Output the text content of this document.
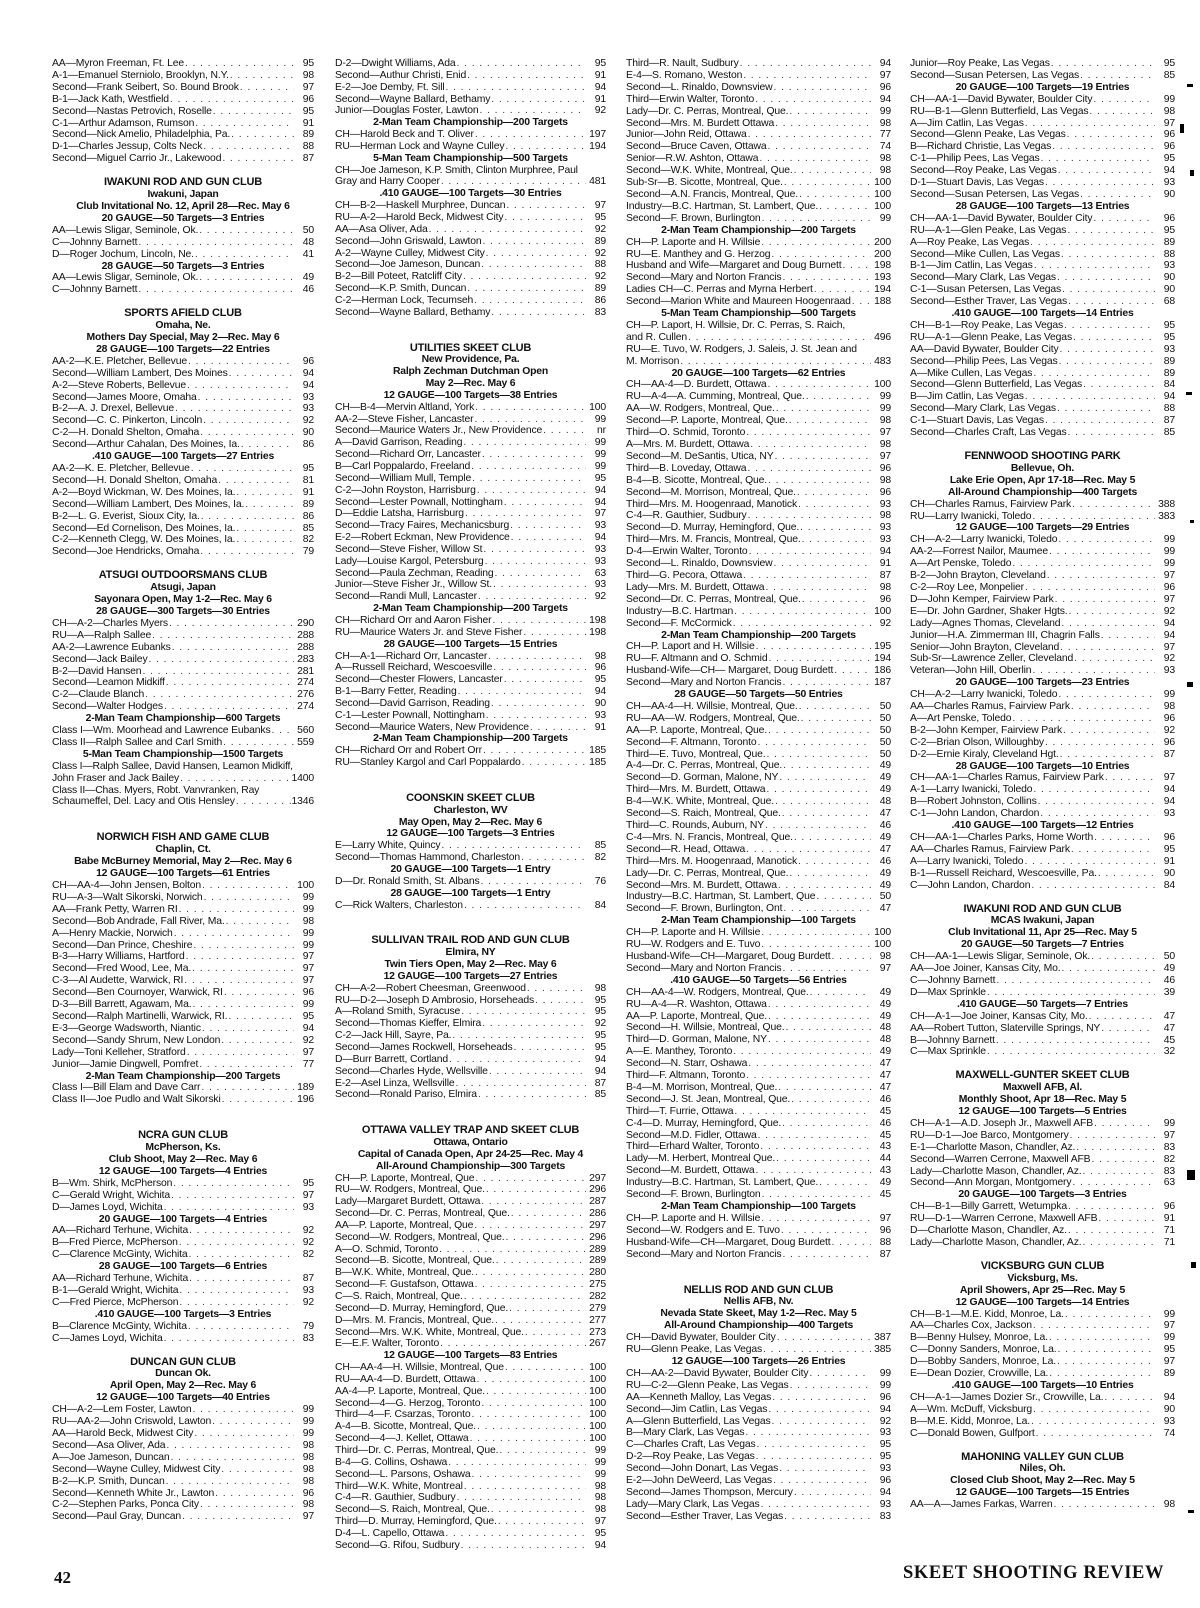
AA—Myron Freeman, Ft. Lee . . .	95
A-1—Emanuel Sterniolo, Brooklyn, N.Y. . . .	98
Second—Frank Seibert, So. Bound Brook . . .	97
B-1—Jack Kath, Westfield . . .	96
Second—Nastas Petrovich, Roselle . . .	95
C-1—Arthur Adamson, Rumson . . .	91
Second—Nick Amelio, Philadelphia, Pa. . . .	89
D-1—Charles Jessup, Colts Neck . . .	88
Second—Miguel Carrio Jr., Lakewood . . .	87
IWAKUNI ROD AND GUN CLUB
Iwakuni, Japan
Club Invitational No. 12, April 28—Rec. May 6
20 GAUGE—50 Targets—3 Entries
AA—Lewis Sligar, Seminole, Ok. . . .	50
C—Johnny Barnett . . .	48
D—Roger Jochum, Lincoln, Ne. . . .	41
28 GAUGE—50 Targets—3 Entries
AA—Lewis Sligar, Seminole, Ok. . . .	49
C—Johnny Barnett . . .	46
SPORTS AFIELD CLUB
Omaha, Ne.
Mothers Day Special, May 2—Rec. May 6
28 GAUGE—100 Targets—22 Entries
AA-2—K.E. Pletcher, Bellevue . . .	96
Second—William Lambert, Des Moines . . .	94
A-2—Steve Roberts, Bellevue . . .	94
Second—James Moore, Omaha . . .	93
B-2—A. J. Drexel, Bellevue . . .	93
Second—C. C. Pinkerton, Lincoln . . .	92
C-2—H. Donald Shelton, Omaha . . .	90
Second—Arthur Cahalan, Des Moines, Ia. . . .	86
.410 GAUGE—100 Targets—27 Entries
AA-2—K. E. Pletcher, Bellevue . . .	95
Second—H. Donald Shelton, Omaha . . .	81
A-2—Boyd Wickman, W. Des Moines, Ia. . . .	91
Second—William Lambert, Des Moines, Ia. . . .	89
B-2—L. G. Everist, Sioux City, Ia. . . .	86
Second—Ed Cornelison, Des Moines, Ia. . . .	85
C-2—Kenneth Clegg, W. Des Moines, Ia. . . .	82
Second—Joe Hendricks, Omaha . . .	79
ATSUGI OUTDOORSMANS CLUB
Atsugi, Japan
Sayonara Open, May 1-2—Rec. May 6
28 GAUGE—300 Targets—30 Entries
CH—A-2—Charles Myers . . .	290
RU—A—Ralph Sallee . . .	288
AA-2—Lawrence Eubanks . . .	288
Second—Jack Bailey . . .	283
B-2—David Hansen . . .	281
Second—Leamon Midkiff . . .	274
C-2—Claude Blanch . . .	276
Second—Walter Hodges . . .	274
2-Man Team Championship—600 Targets
Class I—Wm. Moorhead and Lawrence Eubanks . . .	560
Class II—Ralph Sallee and Carl Smith . . .	559
5-Man Team Championship—1500 Targets
Class I—Ralph Sallee, David Hansen, Leamon Midkiff,
John Fraser and Jack Bailey . . .	1400
Class II—Chas. Myers, Robt. Vanvranken, Ray
Schaumeffel, Del. Lacy and Otis Hensley . . .	1346
NORWICH FISH AND GAME CLUB
Chaplin, Ct.
Babe McBurney Memorial, May 2—Rec. May 6
12 GAUGE—100 Targets—61 Entries
CH—AA-4—John Jensen, Bolton . . .	100
RU—A-3—Walt Sikorski, Norwich . . .	99
AA—Frank Petty, Warren RI . . .	99
Second—Bob Andrade, Fall River, Ma. . . .	98
A—Henry Mackie, Norwich . . .	99
Second—Dan Prince, Cheshire . . .	99
B-3—Harry Williams, Hartford . . .	97
Second—Fred Wood, Lee, Ma. . . .	97
C-3—Al Audette, Warwick, RI . . .	97
Second—Ben Cournoyer, Warwick, RI . . .	96
D-3—Bill Barrett, Agawam, Ma. . . .	99
Second—Ralph Martinelli, Warwick, RI. . . .	95
E-3—George Wadsworth, Niantic . . .	94
Second—Sandy Shrum, New London . . .	92
Lady—Toni Kelleher, Stratford . . .	97
Junior—Jamie Dingwell, Pomfret . . .	77
2-Man Team Championship—200 Targets
Class I—Bill Elam and Dave Carr . . .	189
Class II—Joe Pudlo and Walt Sikorski . . .	196
NCRA GUN CLUB
McPherson, Ks.
Club Shoot, May 2—Rec. May 6
12 GAUGE—100 Targets—4 Entries
B—Wm. Shirk, McPherson . . .	95
C—Gerald Wright, Wichita . . .	97
D—James Loyd, Wichita . . .	93
20 GAUGE—100 Targets—4 Entries
AA—Richard Terhune, Wichita . . .	92
B—Fred Pierce, McPherson . . .	92
C—Clarence McGinty, Wichita . . .	82
28 GAUGE—100 Targets—6 Entries
AA—Richard Terhune, Wichita . . .	87
B-1—Gerald Wright, Wichita . . .	93
C—Fred Pierce, McPherson . . .	92
.410 GAUGE—100 Targets—3 Entries
B—Clarence McGinty, Wichita . . .	79
C—James Loyd, Wichita . . .	83
DUNCAN GUN CLUB
Duncan Ok.
April Open, May 2—Rec. May 6
12 GAUGE—100 Targets—40 Entries
CH—A-2—Lem Foster, Lawton . . .	99
RU—AA-2—John Criswold, Lawton . . .	99
AA—Harold Beck, Midwest City . . .	99
Second—Asa Oliver, Ada . . .	98
A—Joe Jameson, Duncan . . .	98
Second—Wayne Culley, Midwest City . . .	98
B-2—K.P. Smith, Duncan . . .	98
Second—Kenneth White Jr., Lawton . . .	96
C-2—Stephen Parks, Ponca City . . .	98
Second—Paul Gray, Duncan . . .	97
D-2—Dwight Williams, Ada . . .	95
Second—Authur Christi, Enid . . .	91
E-2—Joe Demby, Ft. Sill . . .	94
Second—Wayne Ballard, Bethamy . . .	91
Junior—Douglas Foster, Lawton . . .	92
2-Man Team Championship—200 Targets
CH—Harold Beck and T. Oliver . . .	197
RU—Herman Lock and Wayne Culley . . .	194
5-Man Team Championship—500 Targets
CH—Joe Jameson, K.P. Smith, Clinton Murphree, Paul
Gray and Harry Cooper . . .	481
.410 GAUGE—100 Targets—30 Entries
CH—B-2—Haskell Murphree, Duncan . . .	97
RU—A-2—Harold Beck, Midwest City . . .	95
AA—Asa Oliver, Ada . . .	92
Second—John Griswald, Lawton . . .	89
A-2—Wayne Culley, Midwest City . . .	92
Second—Joe Jameson, Duncan . . .	88
B-2—Bill Poteet, Ratcliff City . . .	92
Second—K.P. Smith, Duncan . . .	89
C-2—Herman Lock, Tecumseh . . .	86
Second—Wayne Ballard, Bethamy . . .	83
UTILITIES SKEET CLUB
New Providence, Pa.
Ralph Zechman Dutchman Open
May 2—Rec. May 6
12 GAUGE—100 Targets—38 Entries
CH—B-4—Mervin Altland, York . . .	100
AA-2—Steve Fisher, Lancaster . . .	99
Second—Maurice Waters Jr., New Providence . . .	nr
A—David Garrison, Reading . . .	99
Second—Richard Orr, Lancaster . . .	99
B—Carl Poppalardo, Freeland . . .	99
Second—William Mull, Temple . . .	95
C-2—John Royston, Harrisburg . . .	94
Second—Lester Pownall, Nottingham . . .	94
D—Eddie Latsha, Harrisburg . . .	97
Second—Tracy Faires, Mechanicsburg . . .	93
E-2—Robert Eckman, New Providence . . .	94
Second—Steve Fisher, Willow St . . .	93
Lady—Louise Kargol, Petersburg . . .	93
Second—Paula Zechman, Reading . . .	63
Junior—Steve Fisher Jr., Willow St. . . .	93
Second—Randi Mull, Lancaster . . .	92
2-Man Team Championship—200 Targets
CH—Richard Orr and Aaron Fisher . . .	198
RU—Maurice Waters Jr. and Steve Fisher . . .	198
28 GAUGE—100 Targets—15 Entries
CH—A-1—Richard Orr, Lancaster . . .	98
A—Russell Reichard, Wescoesville . . .	96
Second—Chester Flowers, Lancaster . . .	95
B-1—Barry Fetter, Reading . . .	94
Second—David Garrison, Reading . . .	90
C-1—Lester Pownall, Nottingham . . .	93
Second—Maurice Waters, New Providence . . .	91
2-Man Team Championship—200 Targets
CH—Richard Orr and Robert Orr . . .	185
RU—Stanley Kargol and Carl Poppalardo . . .	185
COONSKIN SKEET CLUB
Charleston, WV
May Open, May 2—Rec. May 6
12 GAUGE—100 Targets—3 Entries
E—Larry White, Quincy . . .	85
Second—Thomas Hammond, Charleston . . .	82
20 GAUGE—100 Targets—1 Entry
D—Dr. Ronald Smith, St. Albans . . .	76
28 GAUGE—100 Targets—1 Entry
C—Rick Walters, Charleston . . .	84
SULLIVAN TRAIL ROD AND GUN CLUB
Elmira, NY
Twin Tiers Open, May 2—Rec. May 6
12 GAUGE—100 Targets—27 Entries
CH—A-2—Robert Cheesman, Greenwood . . .	98
RU—D-2—Joseph D Ambrosio, Horseheads . . .	95
A—Roland Smith, Syracuse . . .	95
Second—Thomas Kieffer, Elmira . . .	92
C-2—Jack Hill, Sayre, Pa. . . .	95
Second—James Rockwell, Horseheads . . .	95
D—Burr Barrett, Cortland . . .	94
Second—Charles Hyde, Wellsville . . .	94
E-2—Asel Linza, Wellsville . . .	87
Second—Ronald Pariso, Elmira . . .	85
OTTAWA VALLEY TRAP AND SKEET CLUB
Ottawa, Ontario
Capital of Canada Open, Apr 24-25—Rec. May 4
All-Around Championship—300 Targets
CH—P. Laporte, Montreal, Que . . .	297
RU—W. Rodgers, Montreal, Que. . . .	296
Lady—Margaret Burdett, Ottawa . . .	287
Second—Dr. C. Perras, Montreal, Que. . . .	286
AA—P. Laporte, Montreal, Que . . .	297
Second—W. Rodgers, Montreal, Que. . . .	296
A—O. Schmid, Toronto . . .	289
Second—B. Sicotte, Montreal, Que. . . .	289
B—W.K. White, Montreal, Que. . . .	280
Second—F. Gustafson, Ottawa . . .	275
C—S. Raich, Montreal, Que. . . .	282
Second—D. Murray, Hemingford, Que. . . .	279
D—Mrs. M. Francis, Montreal, Que. . . .	277
Second—Mrs. W.K. White, Montreal, Que. . . .	273
E—E.F. Walter, Toronto . . .	267
12 GAUGE—100 Targets—83 Entries
CH—AA-4—H. Willsie, Montreal, Que . . .	100
RU—AA-4—D. Burdett, Ottawa . . .	100
AA-4—P. Laporte, Montreal, Que. . . .	100
Second—4—G. Herzog, Toronto . . .	100
Third—4—F. Csarzas, Toronto . . .	100
A-4—B. Sicotte, Montreal, Que. . . .	100
Second—4—J. Kellet, Ottawa . . .	100
Third—Dr. C. Perras, Montreal, Que. . . .	99
B-4—G. Collins, Oshawa . . .	99
Second—L. Parsons, Oshawa . . .	99
Third—W.K. White, Montreal . . .	98
C-4—R. Gauthier, Sudbury . . .	98
Second—S. Raich, Montreal, Que. . . .	98
Third—D. Murray, Hemingford, Que. . . .	97
D-4—L. Capello, Ottawa . . .	95
Second—G. Rifou, Sudbury . . .	94
Third—R. Nault, Sudbury . . .	94
E-4—S. Romano, Weston . . .	97
Second—L. Rinaldo, Downsview . . .	96
Third—Erwin Walter, Toronto . . .	94
Lady—Dr. C. Perras, Montreal, Que. . . .	99
Second—Mrs. M. Burdett Ottawa . . .	98
Junior—John Reid, Ottawa . . .	77
Second—Bruce Caven, Ottawa . . .	74
Senior—R.W. Ashton, Ottawa . . .	98
Second—W.K. White, Montreal, Que. . . .	98
Sub-Sr—B. Sicotte, Montreal, Que. . . .	100
Second—A.N. Francis, Montreal, Que. . . .	100
Industry—B.C. Hartman, St. Lambert, Que. . . .	100
Second—F. Brown, Burlington . . .	99
2-Man Team Championship—200 Targets
CH—P. Laporte and H. Willsie . . .	200
RU—E. Manthey and G. Herzog . . .	200
Husband and Wife—Margaret and Doug Burnett . . .	198
Second—Mary and Norton Francis . . .	193
Ladies CH—C. Perras and Myrna Herbert . . .	194
Second—Marion White and Maureen Hoogenraad . . . 188
5-Man Team Championship—500 Targets
CH—P. Laport, H. Willsie, Dr. C. Perras, S. Raich,
and R. Cullen . . .	496
RU—E. Tuvo, W. Rodgers, J. Saleis, J. St. Jean and
M. Morrison . . .	483
20 GAUGE—100 Targets—62 Entries
CH—AA-4—D. Burdett, Ottawa . . .	100
RU—A-4—A. Cumming, Montreal, Que. . . .	99
AA—W. Rodgers, Montreal, Que. . . .	99
Second—P. Laporte, Montreal, Que. . . .	98
Third—O. Schmid, Toronto . . .	97
A—Mrs. M. Burdett, Ottawa . . .	98
Second—M. DeSantis, Utica, NY . . .	97
Third—B. Loveday, Ottawa . . .	96
B-4—B. Sicotte, Montreal, Que. . . .	98
Second—M. Morrison, Montreal, Que. . . .	96
Third—Mrs. M. Hoogenraad, Manotick . . .	93
C-4—R. Gauthier, Sudbury . . .	98
Second—D. Murray, Hemingford, Que. . . .	93
Third—Mrs. M. Francis, Montreal, Que. . . .	93
D-4—Erwin Walter, Toronto . . .	94
Second—L. Rinaldo, Downsview . . .	91
Third—G. Pecora, Ottawa . . .	87
Lady—Mrs. M. Burdett, Ottawa . . .	98
Second—Dr. C. Perras, Montreal, Que. . . .	96
Industry—B.C. Hartman . . .	100
Second—F. McCormick . . .	92
2-Man Team Championship—200 Targets
CH—P. Laport and H. Willsie . . .	195
RU—F. Altmann and O. Schmid . . .	194
Husband-Wife—CH— Margaret, Doug Burdett . . .	186
Second—Mary and Norton Francis . . .	187
28 GAUGE—50 Targets—50 Entries
CH—AA-4—H. Willsie, Montreal, Que. . . .	50
RU—AA—W. Rodgers, Montreal, Que. . . .	50
AA—P. Laporte, Montreal, Que. . . .	50
Second—F. Altmann, Toronto . . .	50
Third—E. Tuvo, Montreal, Que. . . .	50
A-4—Dr. C. Perras, Montreal, Que. . . .	49
Second—D. Gorman, Malone, NY . . .	49
Third—Mrs. M. Burdett, Ottawa . . .	49
B-4—W.K. White, Montreal, Que. . . .	48
Second—S. Raich, Montreal, Que. . . .	47
Third—C. Rounds, Auburn, NY . . .	46
C-4—Mrs. N. Francis, Montreal, Que. . . .	49
Second—R. Head, Ottawa . . .	47
Third—Mrs. M. Hoogenraad, Manotick . . .	46
Lady—Dr. C. Perras, Montreal, Que. . . .	49
Second—Mrs. M. Burdett, Ottawa . . .	49
Industry—B.C. Hartman, St. Lambert, Que . . .	50
Second—F. Brown, Burlington, Ont . . .	47
2-Man Team Championship—100 Targets
CH—P. Laporte and H. Willsie . . .	100
RU—W. Rodgers and E. Tuvo . . .	100
Husband-Wife—CH—Margaret, Doug Burdett . . .	98
Second—Mary and Norton Francis . . .	97
.410 GAUGE—50 Targets—56 Entries
CH—AA-4—W. Rodgers, Montreal, Que. . . .	49
RU—A-4—R. Washton, Ottawa . . .	49
AA—P. Laporte, Montreal, Que. . . .	49
Second—H. Willsie, Montreal, Que. . . .	48
Third—D. Gorman, Malone, NY . . .	48
A—E. Manthey, Toronto . . .	49
Second—N. Starr, Oshawa . . .	47
Third—F. Altmann, Toronto . . .	47
B-4—M. Morrison, Montreal, Que. . . .	47
Second—J. St. Jean, Montreal, Que. . . .	46
Third—T. Furrie, Ottawa . . .	45
C-4—D. Murray, Hemingford, Que. . . .	46
Second—M.D. Fidler, Ottawa . . .	45
Third—Erhard Walter, Toronto . . .	43
Lady—M. Herbert, Montreal Que. . . .	44
Second—M. Burdett, Ottawa . . .	43
Industry—B.C. Hartman, St. Lambert, Que. . . .	49
Second—F. Brown, Burlington . . .	45
2-Man Team Championship—100 Targets
CH—P. Laporte and H. Willsie . . .	97
Second—W. Rodgers and E. Tuvo . . .	96
Husband-Wife—CH—Margaret, Doug Burdett . . .	88
Second—Mary and Norton Francis . . .	87
NELLIS ROD AND GUN CLUB
Nellis AFB, Nv.
Nevada State Skeet, May 1-2—Rec. May 5
All-Around Championship—400 Targets
CH—David Bywater, Boulder City . . .	387
RU—Glenn Peake, Las Vegas . . .	385
12 GAUGE—100 Targets—26 Entries
CH—AA-2—David Bywater, Boulder City . . .	99
RU—C-2—Glenn Peake, Las Vegas . . .	99
AA—Kenneth Malloy, Las Vegas . . .	96
Second—Jim Catlin, Las Vegas . . .	94
A—Glenn Butterfield, Las Vegas . . .	92
B—Mary Clark, Las Vegas . . .	93
C—Charles Craft, Las Vegas . . .	95
D-2—Roy Peake, Las Vegas . . .	95
Second—John Donart, Las Vegas . . .	93
E-2—John DeWeerd, Las Vegas . . .	96
Second—James Thompson, Mercury . . .	94
Lady—Mary Clark, Las Vegas . . .	93
Second—Esther Traver, Las Vegas . . .	83
Junior—Roy Peake, Las Vegas . . .	95
Second—Susan Petersen, Las Vegas . . .	85
20 GAUGE—100 Targets—19 Entries
CH—AA-1—David Bywater, Boulder City . . .	99
RU—B-1—Glenn Butterfield, Las Vegas . . .	98
A—Jim Catlin, Las Vegas . . .	97
Second—Glenn Peake, Las Vegas . . .	96
B—Richard Christie, Las Vegas . . .	96
C-1—Philip Pees, Las Vegas . . .	95
Second—Roy Peake, Las Vegas . . .	94
D-1—Stuart Davis, Las Vegas . . .	93
Second—Susan Petersen, Las Vegas . . .	90
28 GAUGE—100 Targets—13 Entries
CH—AA-1—David Bywater, Boulder City . . .	96
RU—A-1—Glen Peake, Las Vegas . . .	95
A—Roy Peake, Las Vegas . . .	89
Second—Mike Cullen, Las Vegas . . .	88
B-1—Jim Catlin, Las Vegas . . .	93
Second—Mary Clark, Las Vegas . . .	90
C-1—Susan Petersen, Las Vegas . . .	90
Second—Esther Traver, Las Vegas . . .	68
.410 GAUGE—100 Targets—14 Entries
CH—B-1—Roy Peake, Las Vegas . . .	95
RU—A-1—Glenn Peake, Las Vegas . . .	95
AA—David Bywater, Boulder City . . .	93
Second—Philip Pees, Las Vegas . . .	89
A—Mike Cullen, Las Vegas . . .	89
Second—Glenn Butterfield, Las Vegas . . .	84
B—Jim Catlin, Las Vegas . . .	94
Second—Mary Clark, Las Vegas . . .	88
C-1—Stuart Davis, Las Vegas . . .	87
Second—Charles Craft, Las Vegas . . .	85
FENNWOOD SHOOTING PARK
Bellevue, Oh.
Lake Erie Open, Apr 17-18—Rec. May 5
All-Around Championship—400 Targets
CH—Charles Ramus, Fairview Park . . .	388
RU—Larry Iwanicki, Toledo . . .	383
12 GAUGE—100 Targets—29 Entries
CH—A-2—Larry Iwanicki, Toledo . . .	99
AA-2—Forrest Nailor, Maumee . . .	99
A—Art Penske, Toledo . . .	99
B-2—John Brayton, Cleveland . . .	97
C-2—Roy Lee, Monpelier . . .	96
D—John Kemper, Fairview Park . . .	97
E—Dr. John Gardner, Shaker Hgts. . . .	92
Lady—Agnes Thomas, Cleveland . . .	94
Junior—H.A. Zimmerman III, Chagrin Falls . . .	94
Senior—John Brayton, Cleveland . . .	97
Sub-Sr—Lawrence Zeller, Cleveland . . .	92
Veteran—John Hill, Oberlin . . .	93
20 GAUGE—100 Targets—23 Entries
CH—A-2—Larry Iwanicki, Toledo . . .	99
AA—Charles Ramus, Fairview Park . . .	98
A—Art Penske, Toledo . . .	96
B-2—John Kemper, Fairview Park . . .	92
C-2—Brian Olson, Willoughby . . .	96
D-2—Ernie Kiraly, Cleveland Hgt. . . .	87
28 GAUGE—100 Targets—10 Entries
CH—AA-1—Charles Ramus, Fairview Park . . .	97
A-1—Larry Iwanicki, Toledo . . .	94
B—Robert Johnston, Collins . . .	94
C-1—John Landon, Chardon . . .	93
.410 GAUGE—100 Targets—12 Entries
CH—AA-1—Charles Parks, Home Worth . . .	96
AA—Charles Ramus, Fairview Park . . .	95
A—Larry Iwanicki, Toledo . . .	91
B-1—Russell Reichard, Wescoesville, Pa. . . .	90
C—John Landon, Chardon . . .	84
IWAKUNI ROD AND GUN CLUB
MCAS Iwakuni, Japan
Club Invitational 11, Apr 25—Rec. May 5
20 GAUGE—50 Targets—7 Entries
CH—AA-1—Lewis Sligar, Seminole, Ok. . . .	50
AA—Joe Joiner, Kansas City, Mo. . . .	49
C—Johnny Barnett . . .	46
D—Max Sprinkle . . .	39
.410 GAUGE—50 Targets—7 Entries
CH—A-1—Joe Joiner, Kansas City, Mo. . . .	47
AA—Robert Tutton, Slaterville Springs, NY . . .	47
B—Johnny Barnett . . .	45
C—Max Sprinkle . . .	32
MAXWELL-GUNTER SKEET CLUB
Maxwell AFB, Al.
Monthly Shoot, Apr 18—Rec. May 5
12 GAUGE—100 Targets—5 Entries
CH—A-1—A.D. Joseph Jr., Maxwell AFB . . .	99
RU—D-1—Joe Barco, Montgomery . . .	97
E-1—Charlotte Mason, Chandler, Az. . . .	83
Second—Warren Cerrone, Maxwell AFB . . .	82
Lady—Charlotte Mason, Chandler, Az. . . .	83
Second—Ann Morgan, Montgomery . . .	63
20 GAUGE—100 Targets—3 Entries
CH—B-1—Billy Garrett, Wetumpka . . .	96
RU—D-1—Warren Cerrone, Maxwell AFB . . .	91
D—Charlotte Mason, Chandler, Az. . . .	71
Lady—Charlotte Mason, Chandler, Az. . . .	71
VICKSBURG GUN CLUB
Vicksburg, Ms.
April Showers, Apr 25—Rec. May 5
12 GAUGE—100 Targets—14 Entries
CH—B-1—M.E. Kidd, Monroe, La. . . .	99
AA—Charles Cox, Jackson . . .	97
B—Benny Hulsey, Monroe, La. . . .	99
C—Donny Sanders, Monroe, La. . . .	95
D—Bobby Sanders, Monroe, La. . . .	97
E—Dean Dozier, Crowville, La. . . .	89
.410 GAUGE—100 Targets—10 Entries
CH—A-1—James Dozier Sr., Crowville, La. . . .	94
A—Wm. McDuff, Vicksburg . . .	90
B—M.E. Kidd, Monroe, La. . . .	93
C—Donald Bowen, Gulfport . . .	74
MAHONING VALLEY GUN CLUB
Niles, Oh.
Closed Club Shoot, May 2—Rec. May 5
12 GAUGE—100 Targets—15 Entries
AA—A—James Farkas, Warren . . .	98
42	SKEET SHOOTING REVIEW
